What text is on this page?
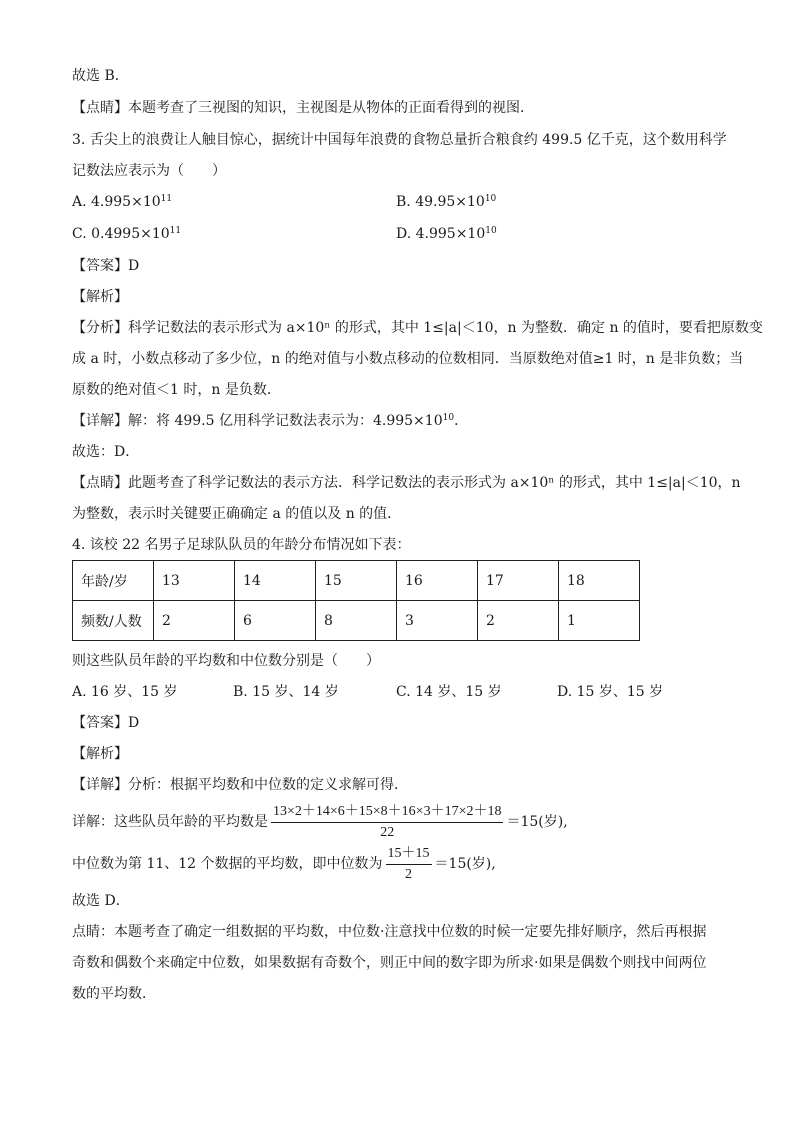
故选 B．
【点睛】本题考查了三视图的知识，主视图是从物体的正面看得到的视图．
3. 舌尖上的浪费让人触目惊心，据统计中国每年浪费的食物总量折合粮食约 499.5 亿千克，这个数用科学
记数法应表示为（　　）
A. $4.995\times 10^{11}$	B. $49.95\times 10^{10}$
C. $0.4995\times 10^{11}$	D. $4.995\times 10^{10}$
【答案】D
【解析】
【分析】科学记数法的表示形式为 a×10ⁿ 的形式，其中 1≤|a|＜10，n 为整数．确定 n 的值时，要看把原数变
成 a 时，小数点移动了多少位，n 的绝对值与小数点移动的位数相同．当原数绝对值≥1 时，n 是非负数；当
原数的绝对值＜1 时，n 是负数．
【详解】解：将 499.5 亿用科学记数法表示为：$4.995\times 10^{10}$．
故选：D．
【点睛】此题考查了科学记数法的表示方法．科学记数法的表示形式为 a×10ⁿ 的形式，其中 1≤|a|＜10，n
为整数，表示时关键要正确确定 a 的值以及 n 的值．
4. 该校 22 名男子足球队队员的年龄分布情况如下表：
年龄/岁	13	14	15	16	17	18
频数/人数	2	6	8	3	2	1
则这些队员年龄的平均数和中位数分别是（　　）
A. 16 岁、15 岁	B. 15 岁、14 岁	C. 14 岁、15 岁	D. 15 岁、15 岁
【答案】D
【解析】
【详解】分析：根据平均数和中位数的定义求解可得．
详解：这些队员年龄的平均数是 $\frac{13\times 2+14\times 6+15\times 8+16\times 3+17\times 2+18}{22} =15$(岁),
中位数为第 11、12 个数据的平均数，即中位数为 $\frac{15+15}{2} =15$(岁),
故选 D．
点睛：本题考查了确定一组数据的平均数，中位数·注意找中位数的时候一定要先排好顺序，然后再根据
奇数和偶数个来确定中位数，如果数据有奇数个，则正中间的数字即为所求·如果是偶数个则找中间两位
数的平均数．
